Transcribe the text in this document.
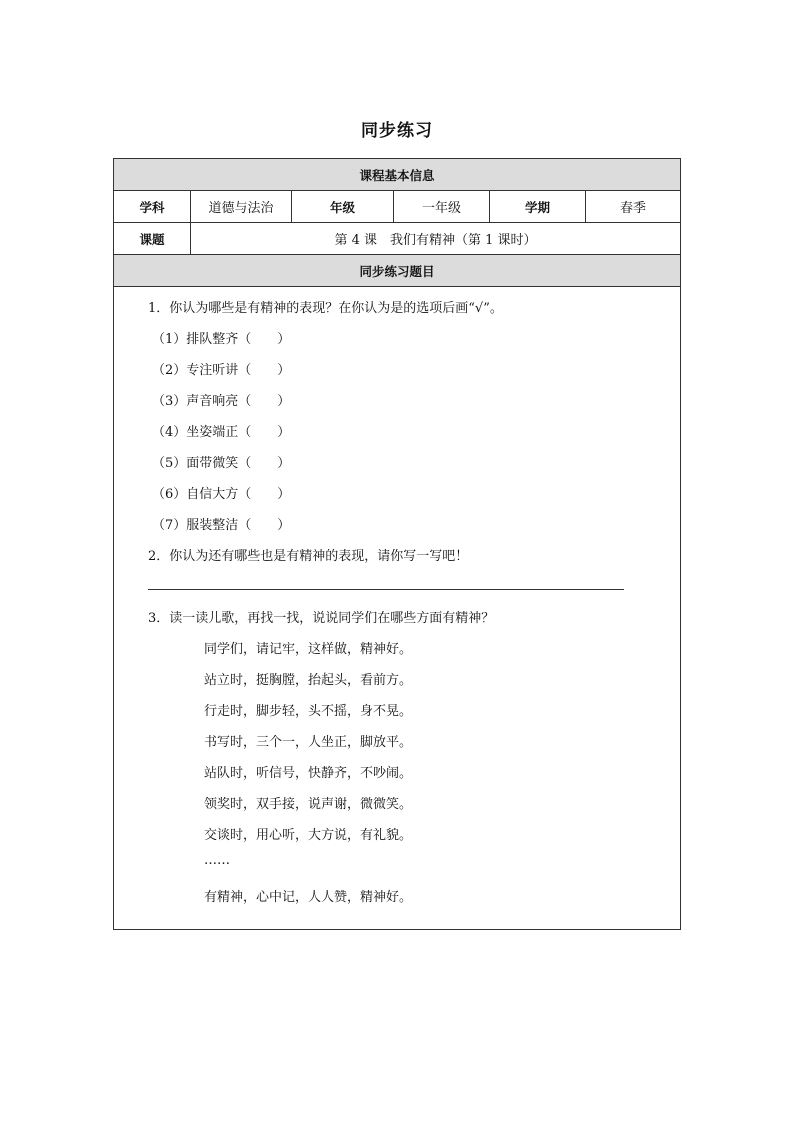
同步练习
课程基本信息
学科	道德与法治	年级	一年级	学期	春季
课题	第 4 课　我们有精神（第 1 课时）
同步练习题目
1．你认为哪些是有精神的表现？在你认为是的选项后画“√”。
（1）排队整齐（　　）
（2）专注听讲（　　）
（3）声音响亮（　　）
（4）坐姿端正（　　）
（5）面带微笑（　　）
（6）自信大方（　　）
（7）服装整洁（　　）
2．你认为还有哪些也是有精神的表现，请你写一写吧！
3．读一读儿歌，再找一找，说说同学们在哪些方面有精神？
同学们，请记牢，这样做，精神好。
站立时，挺胸膛，抬起头，看前方。
行走时，脚步轻，头不摇，身不晃。
书写时，三个一，人坐正，脚放平。
站队时，听信号，快静齐，不吵闹。
领奖时，双手接，说声谢，微微笑。
交谈时，用心听，大方说，有礼貌。
……
有精神，心中记，人人赞，精神好。
